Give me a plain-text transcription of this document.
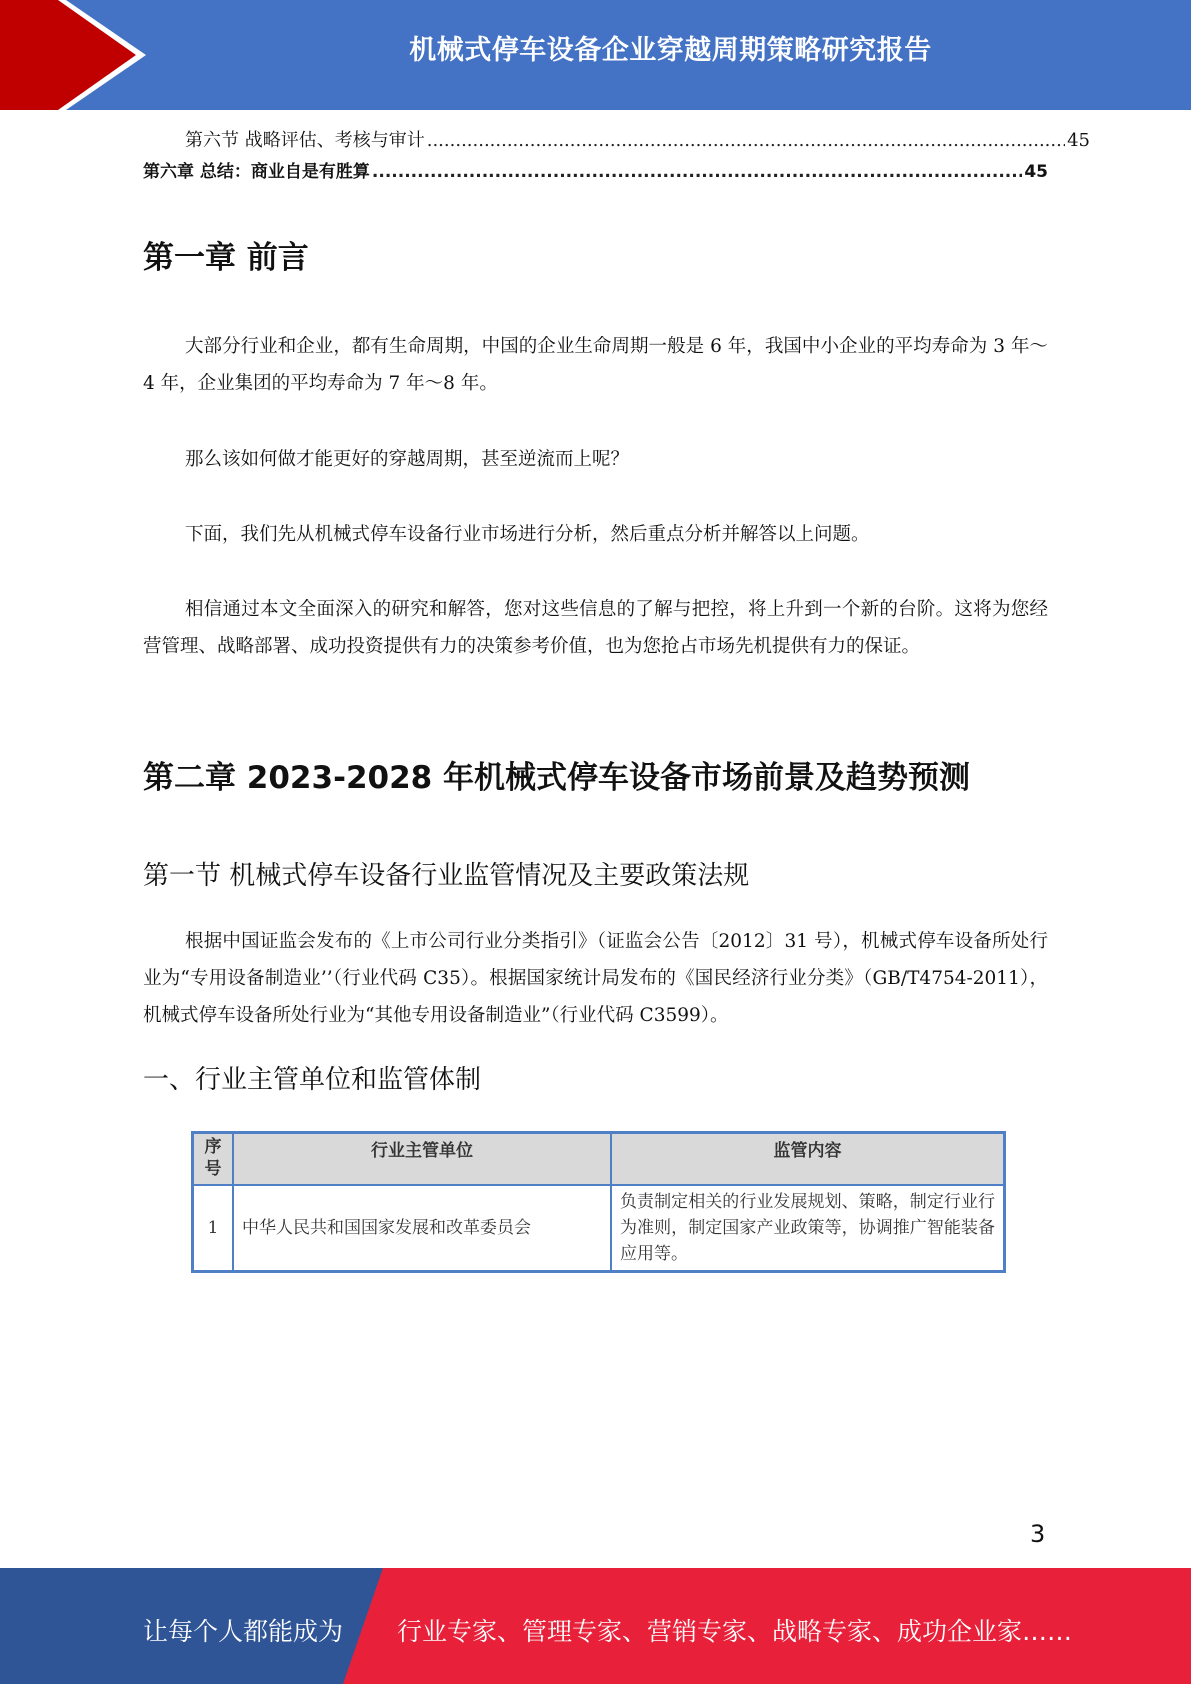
机械式停车设备企业穿越周期策略研究报告
第六节 战略评估、考核与审计 .....	45
第六章 总结：商业自是有胜算 .....	45
第一章 前言

大部分行业和企业，都有生命周期，中国的企业生命周期一般是 6 年，我国中小企业的平均寿命为 3 年～4 年，企业集团的平均寿命为 7 年～8 年。

那么该如何做才能更好的穿越周期，甚至逆流而上呢？

下面，我们先从机械式停车设备行业市场进行分析，然后重点分析并解答以上问题。

相信通过本文全面深入的研究和解答，您对这些信息的了解与把控，将上升到一个新的台阶。这将为您经营管理、战略部署、成功投资提供有力的决策参考价值，也为您抢占市场先机提供有力的保证。

第二章 2023-2028 年机械式停车设备市场前景及趋势预测
第一节 机械式停车设备行业监管情况及主要政策法规

根据中国证监会发布的《上市公司行业分类指引》（证监会公告〔2012〕31 号），机械式停车设备所处行业为“专用设备制造业’’（行业代码 C35）。根据国家统计局发布的《国民经济行业分类》（GB/T4754-2011），机械式停车设备所处行业为“其他专用设备制造业”（行业代码 C3599）。

一、行业主管单位和监管体制
序号	行业主管单位	监管内容
1	中华人民共和国国家发展和改革委员会	负责制定相关的行业发展规划、策略，制定行业行为准则，制定国家产业政策等，协调推广智能装备应用等。
3
让每个人都能成为 行业专家、管理专家、营销专家、战略专家、成功企业家……
